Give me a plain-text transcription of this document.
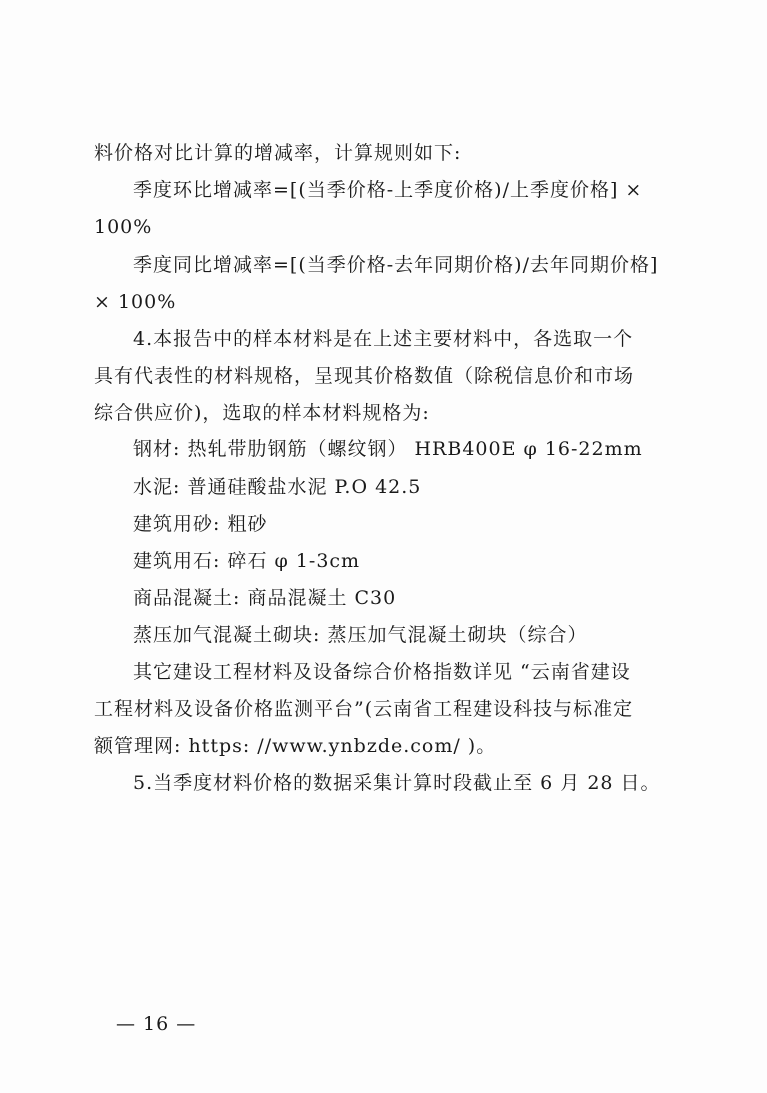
料价格对比计算的增减率，计算规则如下:
季度环比增减率=[(当季价格-上季度价格)/上季度价格] ×
100%
季度同比增减率=[(当季价格-去年同期价格)/去年同期价格]
× 100%
4.本报告中的样本材料是在上述主要材料中，各选取一个
具有代表性的材料规格，呈现其价格数值（除税信息价和市场
综合供应价)，选取的样本材料规格为:
钢材: 热轧带肋钢筋（螺纹钢） HRB400E φ 16-22mm
水泥: 普通硅酸盐水泥 P.O 42.5
建筑用砂: 粗砂
建筑用石: 碎石 φ 1-3cm
商品混凝土: 商品混凝土 C30
蒸压加气混凝土砌块: 蒸压加气混凝土砌块（综合）
其它建设工程材料及设备综合价格指数详见 “云南省建设
工程材料及设备价格监测平台”(云南省工程建设科技与标准定
额管理网: https: //www.ynbzde.com/ )。
5.当季度材料价格的数据采集计算时段截止至 6 月 28 日。
— 16 —
